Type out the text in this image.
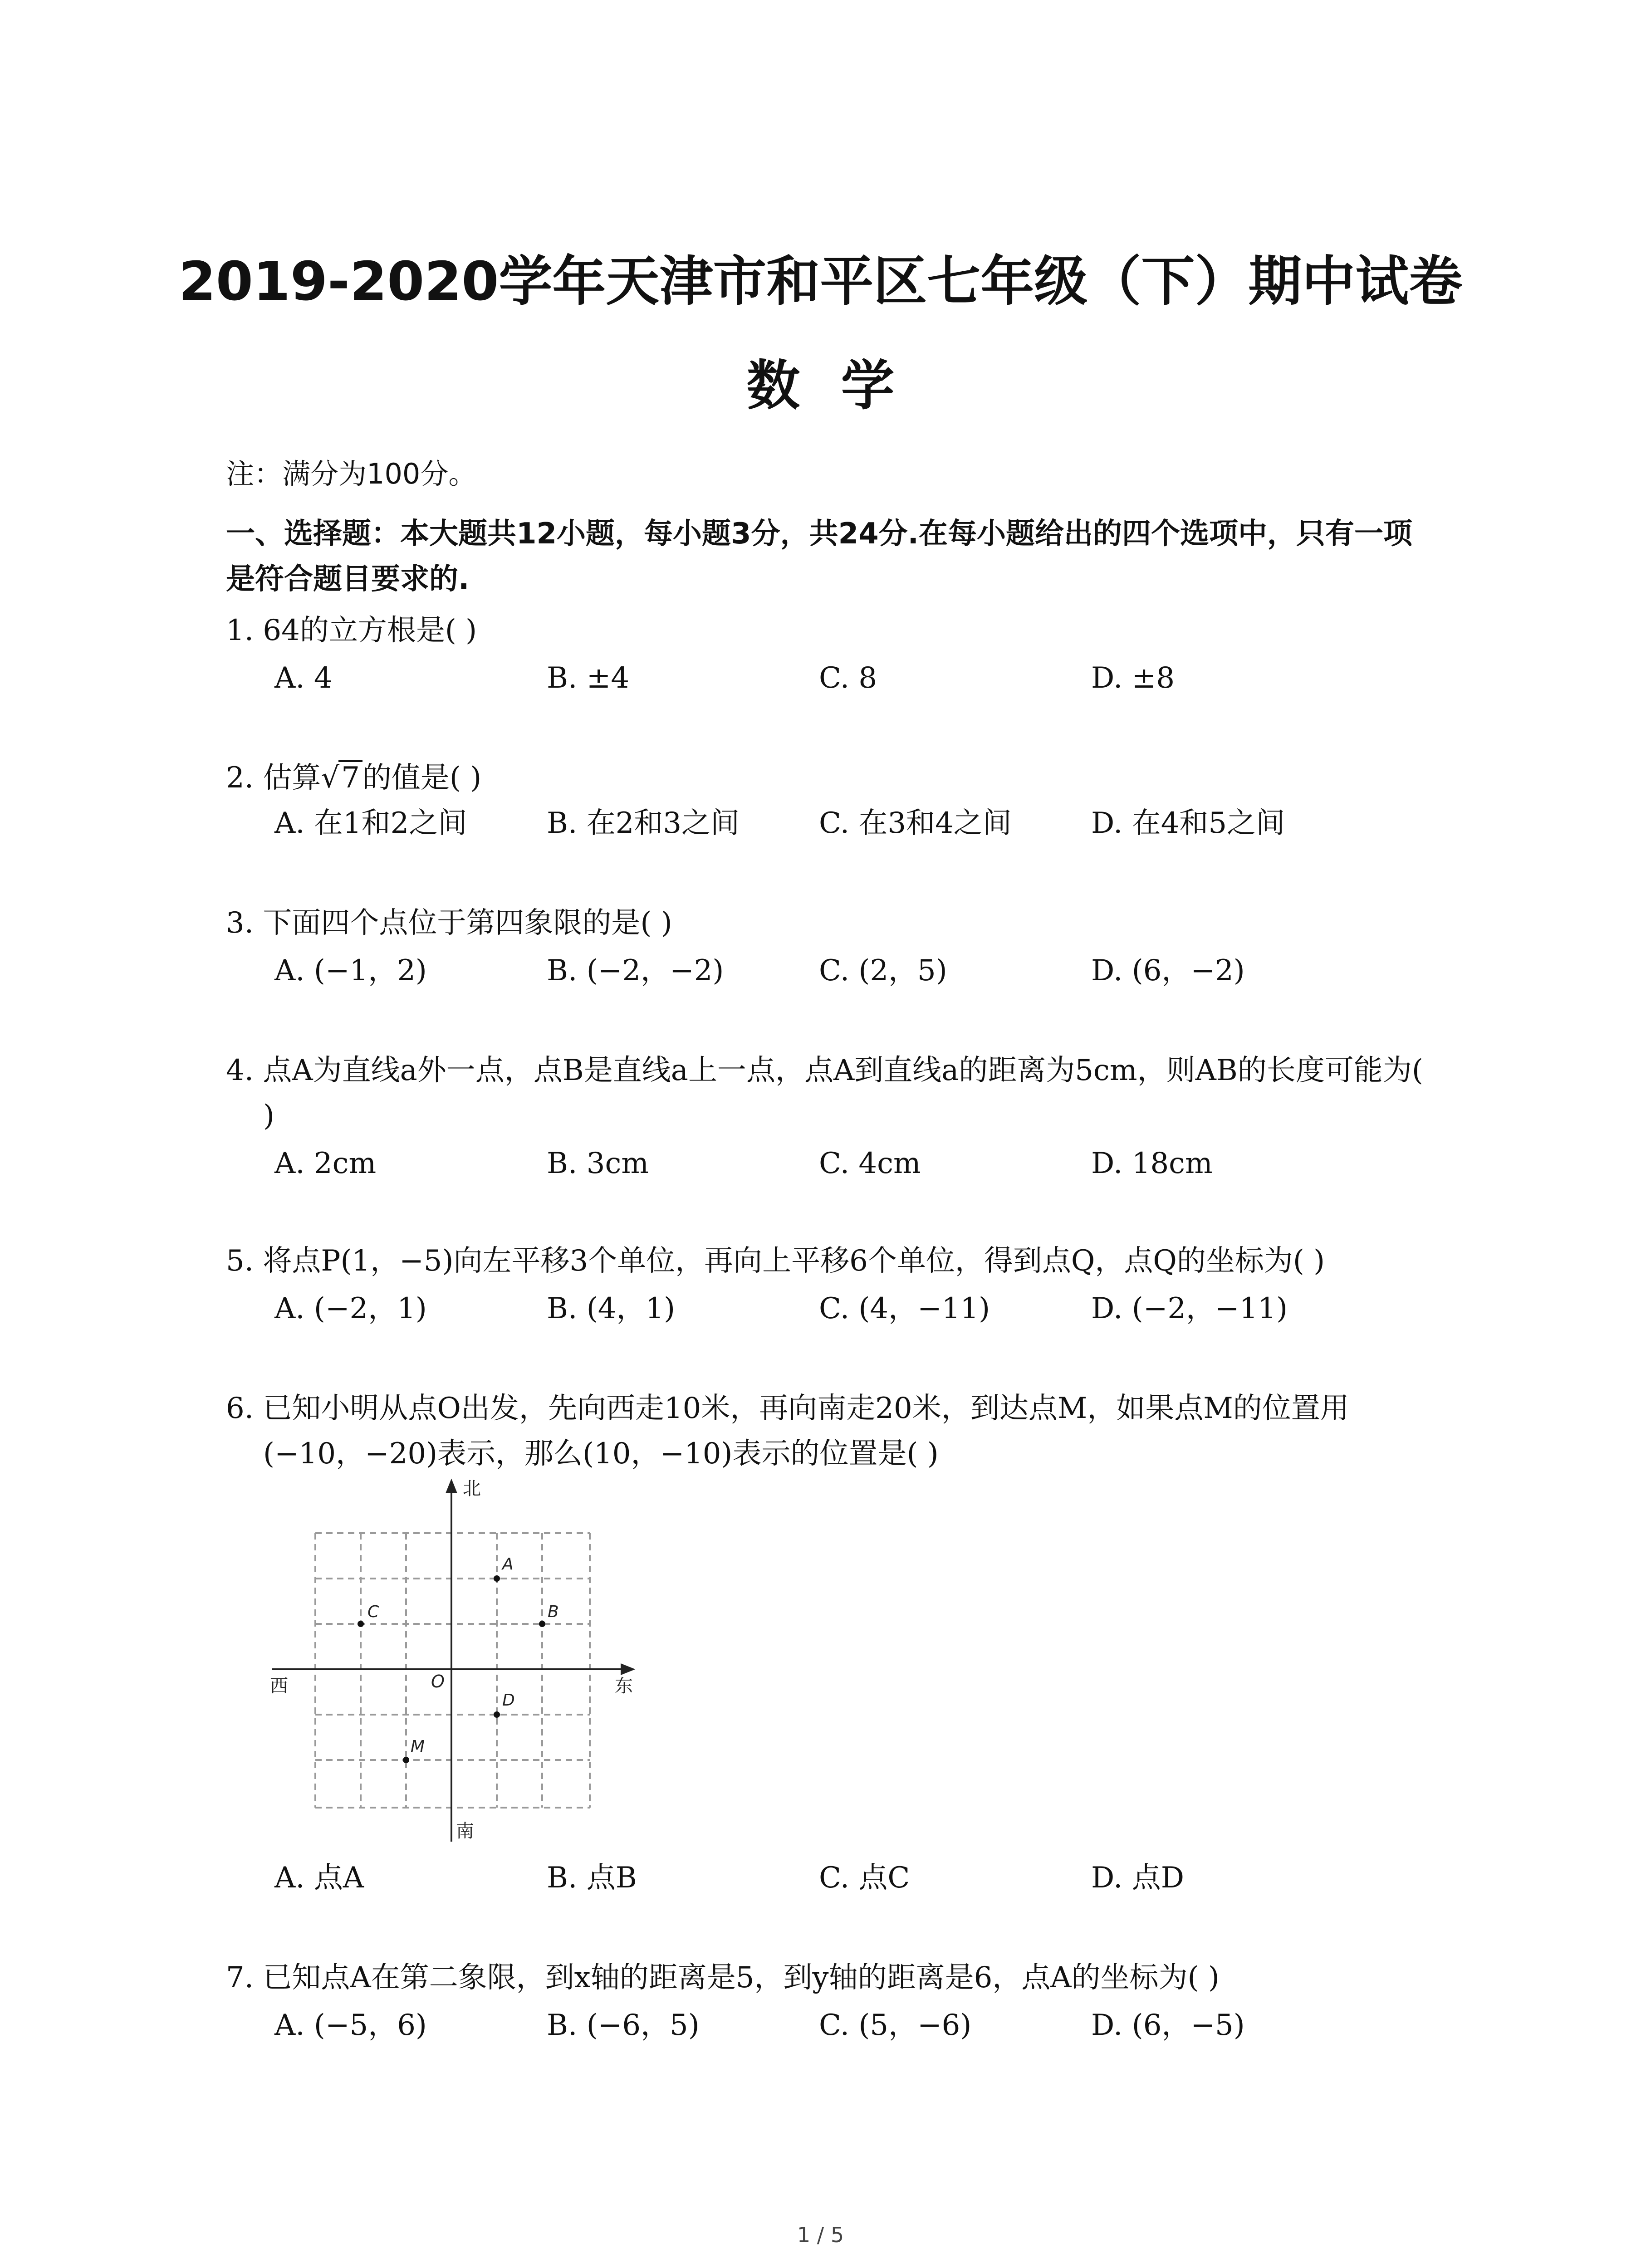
2019-2020学年天津市和平区七年级（下）期中试卷
数学
注：满分为100分。
一、选择题：本大题共12小题，每小题3分，共24分.在每小题给出的四个选项中，只有一项
是符合题目要求的.
1. 64的立方根是( )
A. 4	B. ±4	C. 8	D. ±8
2. 估算√7的值是( )
A. 在1和2之间	B. 在2和3之间	C. 在3和4之间	D. 在4和5之间
3. 下面四个点位于第四象限的是( )
A. (−1，2)	B. (−2，−2)	C. (2，5)	D. (6，−2)
4. 点A为直线a外一点，点B是直线a上一点，点A到直线a的距离为5cm，则AB的长度可能为(
)
A. 2cm	B. 3cm	C. 4cm	D. 18cm
5. 将点P(1，−5)向左平移3个单位，再向上平移6个单位，得到点Q，点Q的坐标为( )
A. (−2，1)	B. (4，1)	C. (4，−11)	D. (−2，−11)
6. 已知小明从点O出发，先向西走10米，再向南走20米，到达点M，如果点M的位置用
(−10，−20)表示，那么(10，−10)表示的位置是( )
北
南
西	东
O
A
B
C
D
M
A. 点A	B. 点B	C. 点C	D. 点D
7. 已知点A在第二象限，到x轴的距离是5，到y轴的距离是6，点A的坐标为( )
A. (−5，6)	B. (−6，5)	C. (5，−6)	D. (6，−5)
1 / 5
